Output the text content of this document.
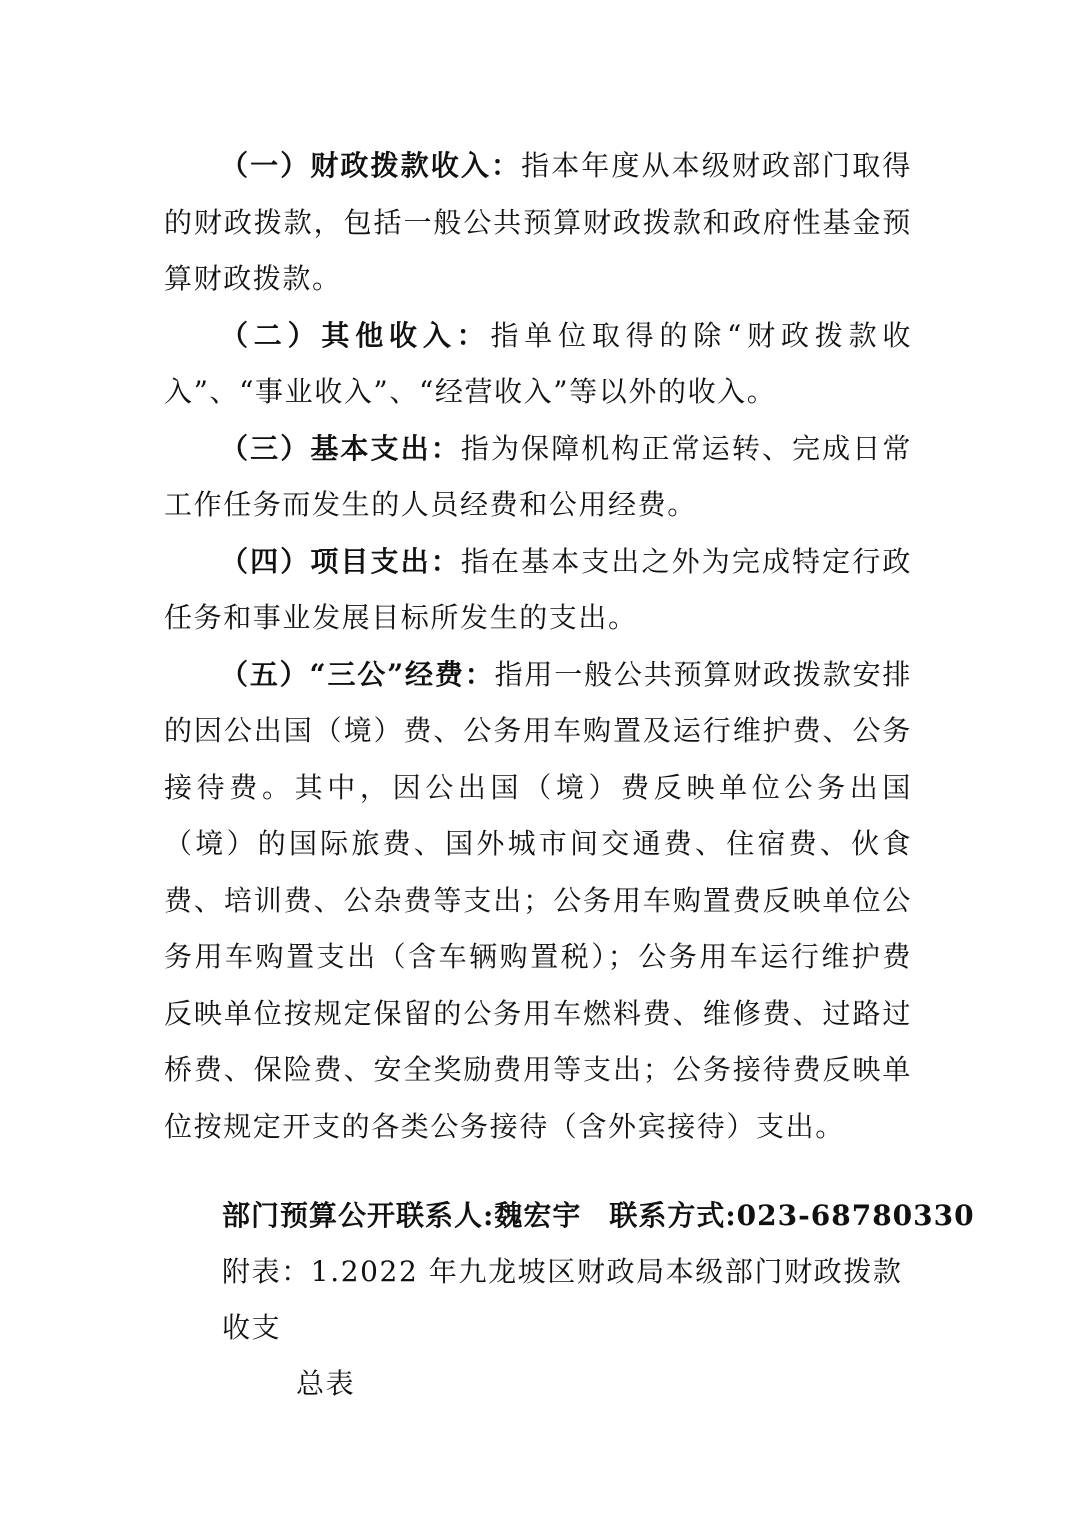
（一）财政拨款收入：指本年度从本级财政部门取得的财政拨款，包括一般公共预算财政拨款和政府性基金预算财政拨款。

（二）其他收入：指单位取得的除“财政拨款收入”、“事业收入”、“经营收入”等以外的收入。

（三）基本支出：指为保障机构正常运转、完成日常工作任务而发生的人员经费和公用经费。

（四）项目支出：指在基本支出之外为完成特定行政任务和事业发展目标所发生的支出。

（五）“三公”经费：指用一般公共预算财政拨款安排的因公出国（境）费、公务用车购置及运行维护费、公务接待费。其中，因公出国（境）费反映单位公务出国（境）的国际旅费、国外城市间交通费、住宿费、伙食费、培训费、公杂费等支出；公务用车购置费反映单位公务用车购置支出（含车辆购置税）；公务用车运行维护费反映单位按规定保留的公务用车燃料费、维修费、过路过桥费、保险费、安全奖励费用等支出；公务接待费反映单位按规定开支的各类公务接待（含外宾接待）支出。

部门预算公开联系人:魏宏宇 联系方式:023-68780330
附表：1.2022 年九龙坡区财政局本级部门财政拨款收支
总表
